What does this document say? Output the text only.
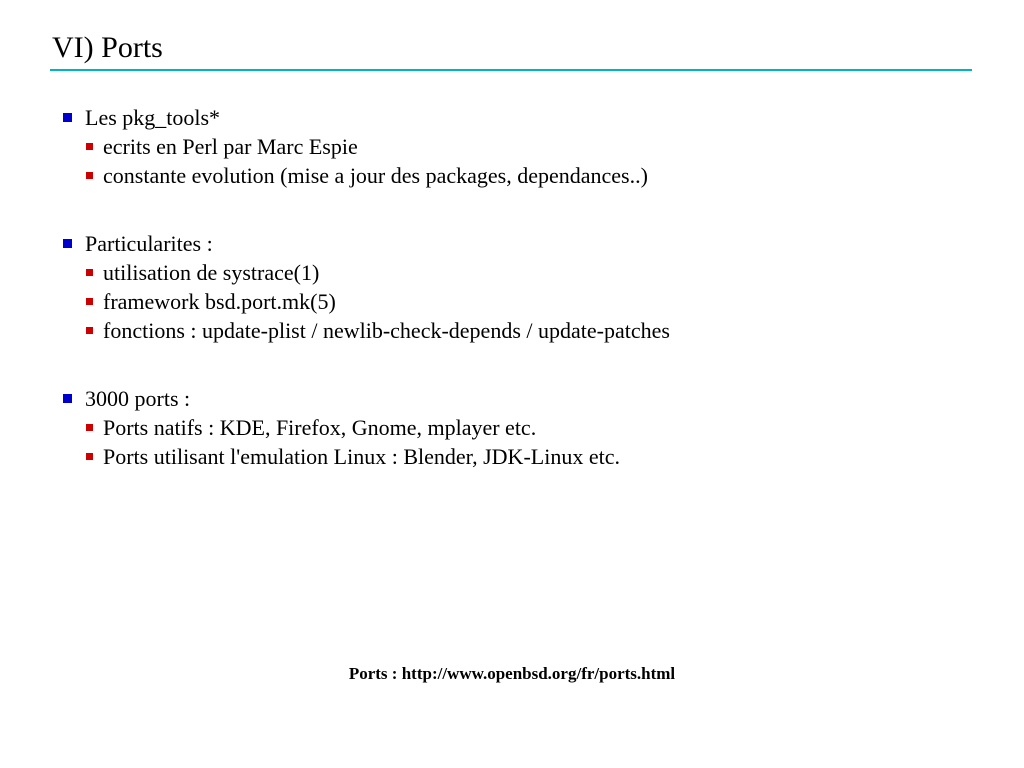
VI) Ports
Les pkg_tools*
ecrits en Perl par Marc Espie
constante evolution (mise a jour des packages, dependances..)
Particularites :
utilisation de systrace(1)
framework bsd.port.mk(5)
fonctions : update-plist / newlib-check-depends / update-patches
3000 ports :
Ports natifs : KDE, Firefox, Gnome, mplayer etc.
Ports utilisant l'emulation Linux : Blender, JDK-Linux etc.
Ports : http://www.openbsd.org/fr/ports.html
